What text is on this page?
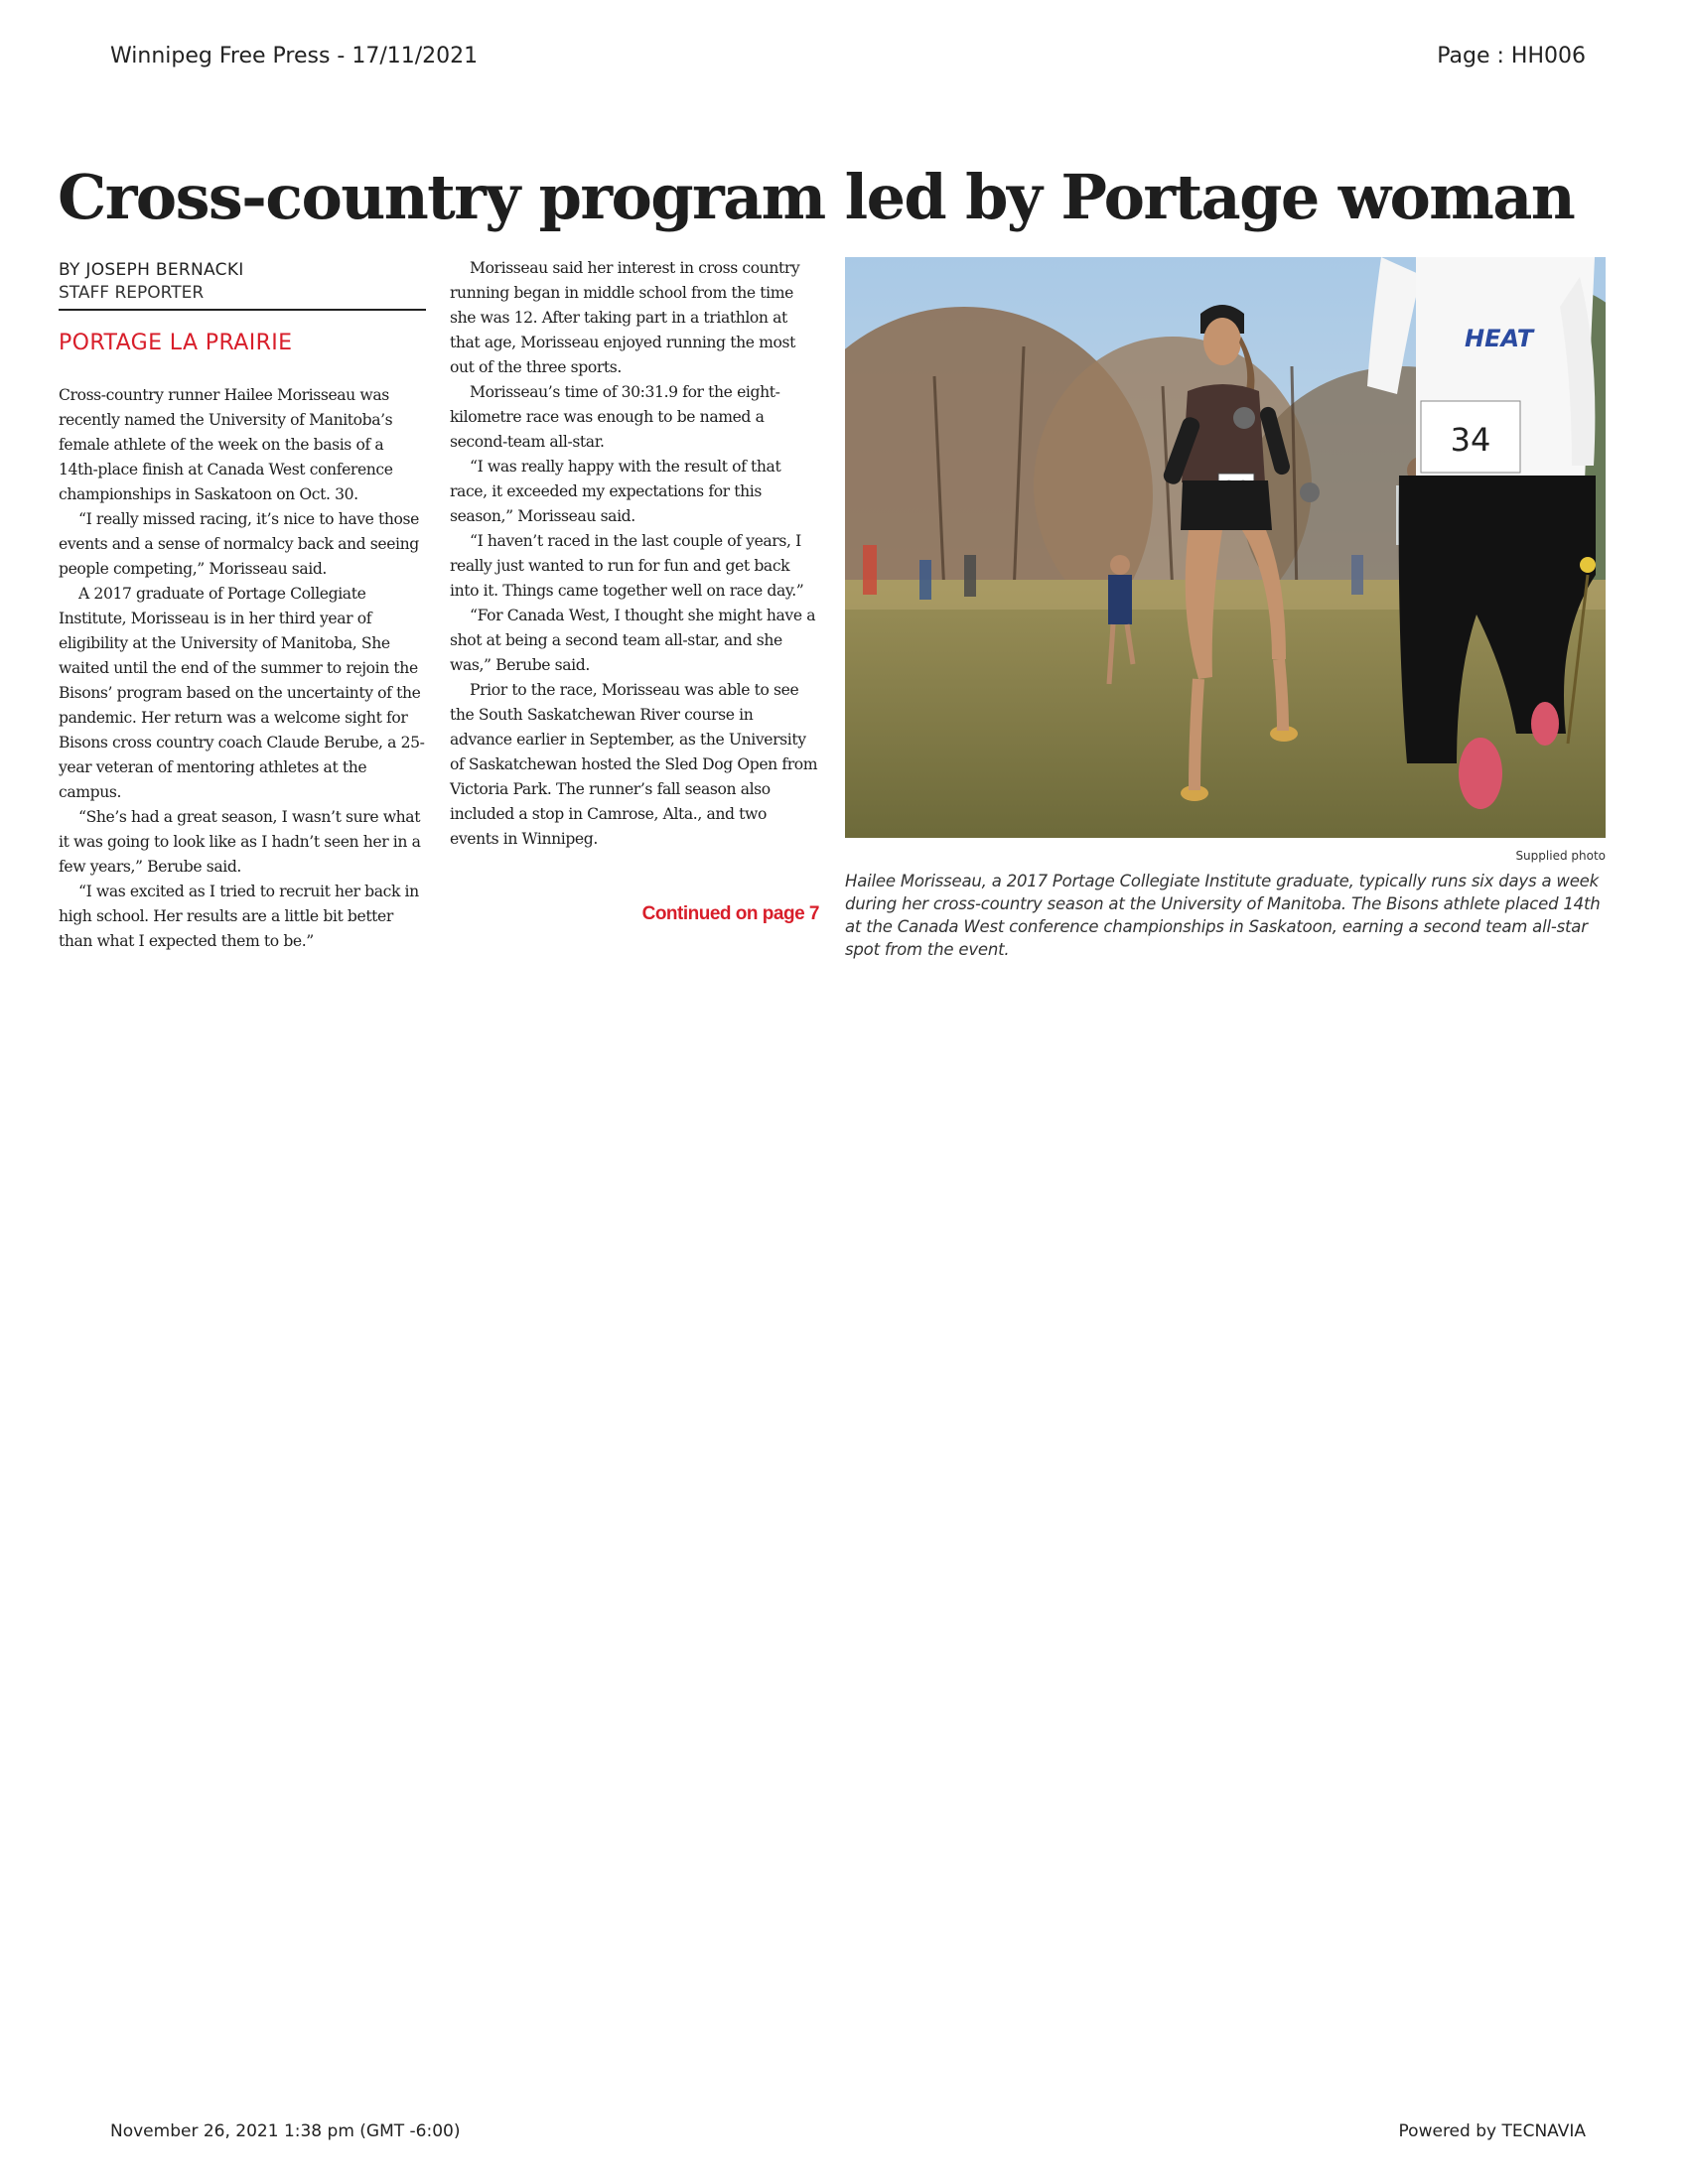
Winnipeg Free Press - 17/11/2021	Page : HH006
Cross-country program led by Portage woman
BY JOSEPH BERNACKI
STAFF REPORTER
PORTAGE LA PRAIRIE

Cross-country runner Hailee Morisseau was recently named the University of Manitoba’s female athlete of the week on the basis of a 14th-place finish at Canada West conference championships in Saskatoon on Oct. 30.

“I really missed racing, it’s nice to have those events and a sense of normalcy back and seeing people competing,” Morisseau said.

A 2017 graduate of Portage Collegiate Institute, Morisseau is in her third year of eligibility at the University of Manitoba, She waited until the end of the summer to rejoin the Bisons’ program based on the uncertainty of the pandemic. Her return was a welcome sight for Bisons cross country coach Claude Berube, a 25-year veteran of mentoring athletes at the campus.

“She’s had a great season, I wasn’t sure what it was going to look like as I hadn’t seen her in a few years,” Berube said.

“I was excited as I tried to recruit her back in high school. Her results are a little bit better than what I expected them to be.”

Morisseau said her interest in cross country running began in middle school from the time she was 12. After taking part in a triathlon at that age, Morisseau enjoyed running the most out of the three sports.

Morisseau’s time of 30:31.9 for the eight-kilometre race was enough to be named a second-team all-star.

“I was really happy with the result of that race, it exceeded my expectations for this season,” Morisseau said.

“I haven’t raced in the last couple of years, I really just wanted to run for fun and get back into it. Things came together well on race day.”

“For Canada West, I thought she might have a shot at being a second team all-star, and she was,” Berube said.

Prior to the race, Morisseau was able to see the South Saskatchewan River course in advance earlier in September, as the University of Saskatchewan hosted the Sled Dog Open from Victoria Park. The runner’s fall season also included a stop in Camrose, Alta., and two events in Winnipeg.

Continued on page 7
HEAT
34
Supplied photo
Hailee Morisseau, a 2017 Portage Collegiate Institute graduate, typically runs six days a week during her cross-country season at the University of Manitoba. The Bisons athlete placed 14th at the Canada West conference championships in Saskatoon, earning a second team all-star spot from the event.
November 26, 2021 1:38 pm (GMT -6:00)	Powered by TECNAVIA
